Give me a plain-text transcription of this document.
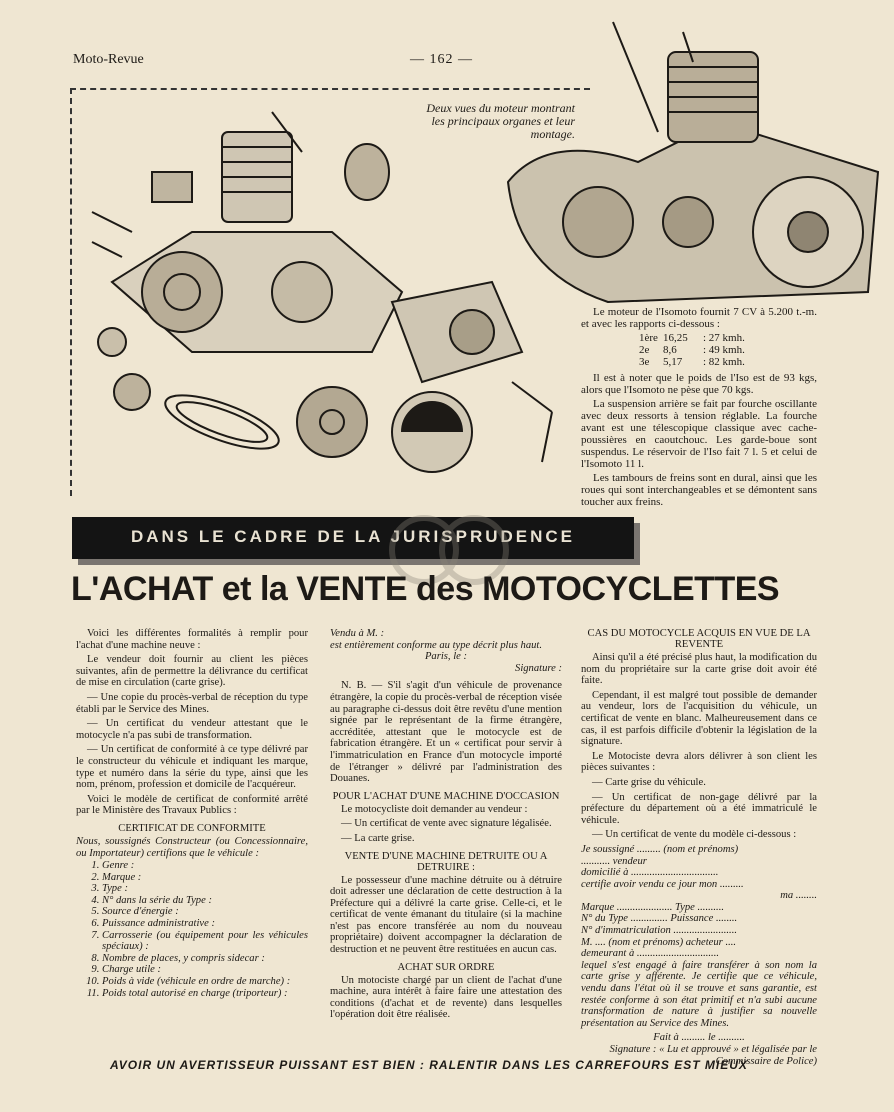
Moto-Revue	— 162 —
Deux vues du moteur montrant les principaux organes et leur montage.

Le moteur de l'Isomoto fournit 7 CV à 5.200 t.-m. et avec les rapports ci-dessous :

1ère 16,25 : 27 kmh.
2e 8,6 : 49 kmh.
3e 5,17 : 82 kmh.

Il est à noter que le poids de l'Iso est de 93 kgs, alors que l'Isomoto ne pèse que 70 kgs.

La suspension arrière se fait par fourche oscillante avec deux ressorts à tension réglable. La fourche avant est une télescopique classique avec cache-poussières en caoutchouc. Les garde-boue sont suspendus. Le réservoir de l'Iso fait 7 l. 5 et celui de l'Isomoto 11 l.

Les tambours de freins sont en dural, ainsi que les roues qui sont interchangeables et se démontent sans toucher aux freins.

DANS LE CADRE DE LA JURISPRUDENCE
L'ACHAT et la VENTE des MOTOCYCLETTES

Voici les différentes formalités à remplir pour l'achat d'une machine neuve :

Le vendeur doit fournir au client les pièces suivantes, afin de permettre la délivrance du certificat de mise en circulation (carte grise).

— Une copie du procès-verbal de réception du type établi par le Service des Mines.

— Un certificat du vendeur attestant que le motocycle n'a pas subi de transformation.

— Un certificat de conformité à ce type délivré par le constructeur du véhicule et indiquant les marque, type et numéro dans la série du type, ainsi que les nom, prénom, profession et domicile de l'acquéreur.

Voici le modèle de certificat de conformité arrêté par le Ministère des Travaux Publics :

CERTIFICAT DE CONFORMITE
Nous, soussignés Constructeur (ou Concessionnaire, ou Importateur) certifions que le véhicule :
1. Genre :
2. Marque :
3. Type :
4. N° dans la série du Type :
5. Source d'énergie :
6. Puissance administrative :
7. Carrosserie (ou équipement pour les véhicules spéciaux) :
8. Nombre de places, y compris sidecar :
9. Charge utile :
10. Poids à vide (véhicule en ordre de marche) :
11. Poids total autorisé en charge (triporteur) :
Vendu à M. :
est entièrement conforme au type décrit plus haut.
Paris, le :
Signature :

N. B. — S'il s'agit d'un véhicule de provenance étrangère, la copie du procès-verbal de réception visée au paragraphe ci-dessus doit être revêtu d'une mention signée par le représentant de la firme étrangère, accréditée, attestant que le motocycle est de fabrication étrangère. Et un « certificat pour servir à l'immatriculation en France d'un motocycle importé de l'étranger » délivré par l'administration des Douanes.

POUR L'ACHAT D'UNE MACHINE D'OCCASION

Le motocycliste doit demander au vendeur :

— Un certificat de vente avec signature légalisée.

— La carte grise.

VENTE D'UNE MACHINE DETRUITE OU A DETRUIRE :

Le possesseur d'une machine détruite ou à détruire doit adresser une déclaration de cette destruction à la Préfecture qui a délivré la carte grise. Celle-ci, et le certificat de vente émanant du titulaire (si la machine n'est pas encore transférée au nom du nouveau propriétaire) doivent accompagner la déclaration de destruction et ne peuvent être restituées en aucun cas.

ACHAT SUR ORDRE

Un motociste chargé par un client de l'achat d'une machine, aura intérêt à faire faire une attestation des conditions (d'achat et de revente) dans lesquelles l'opération doit être réalisée.

CAS DU MOTOCYCLE ACQUIS EN VUE DE LA REVENTE

Ainsi qu'il a été précisé plus haut, la modification du nom du propriétaire sur la carte grise doit avoir été faite.

Cependant, il est malgré tout possible de demander au vendeur, lors de l'acquisition du véhicule, un certificat de vente en blanc. Malheureusement dans ce cas, il est parfois difficile d'obtenir la législation de la signature.

Le Motociste devra alors délivrer à son client les pièces suivantes :

— Carte grise du véhicule.

— Un certificat de non-gage délivré par la préfecture du département où a été immatriculé le véhicule.

— Un certificat de vente du modèle ci-dessous :

Je soussigné ......... (nom et prénoms)

........... vendeur

domicilié à .................................

certifie avoir vendu ce jour mon .........

ma ........

Marque ..................... Type ..........

N° du Type .............. Puissance ........

N° d'immatriculation ........................

M. .... (nom et prénoms) acheteur ....

demeurant à ...............................

lequel s'est engagé à faire transférer à son nom la carte grise y afférente. Je certifie que ce véhicule, vendu dans l'état où il se trouve et sans garantie, est restée conforme à son état primitif et n'a subi aucune transformation de nature à justifier sa nouvelle présentation au Service des Mines.

Fait à ......... le ..........

Signature : « Lu et approuvé » et légalisée par le Commissaire de Police)

AVOIR UN AVERTISSEUR PUISSANT EST BIEN : RALENTIR DANS LES CARREFOURS EST MIEUX
